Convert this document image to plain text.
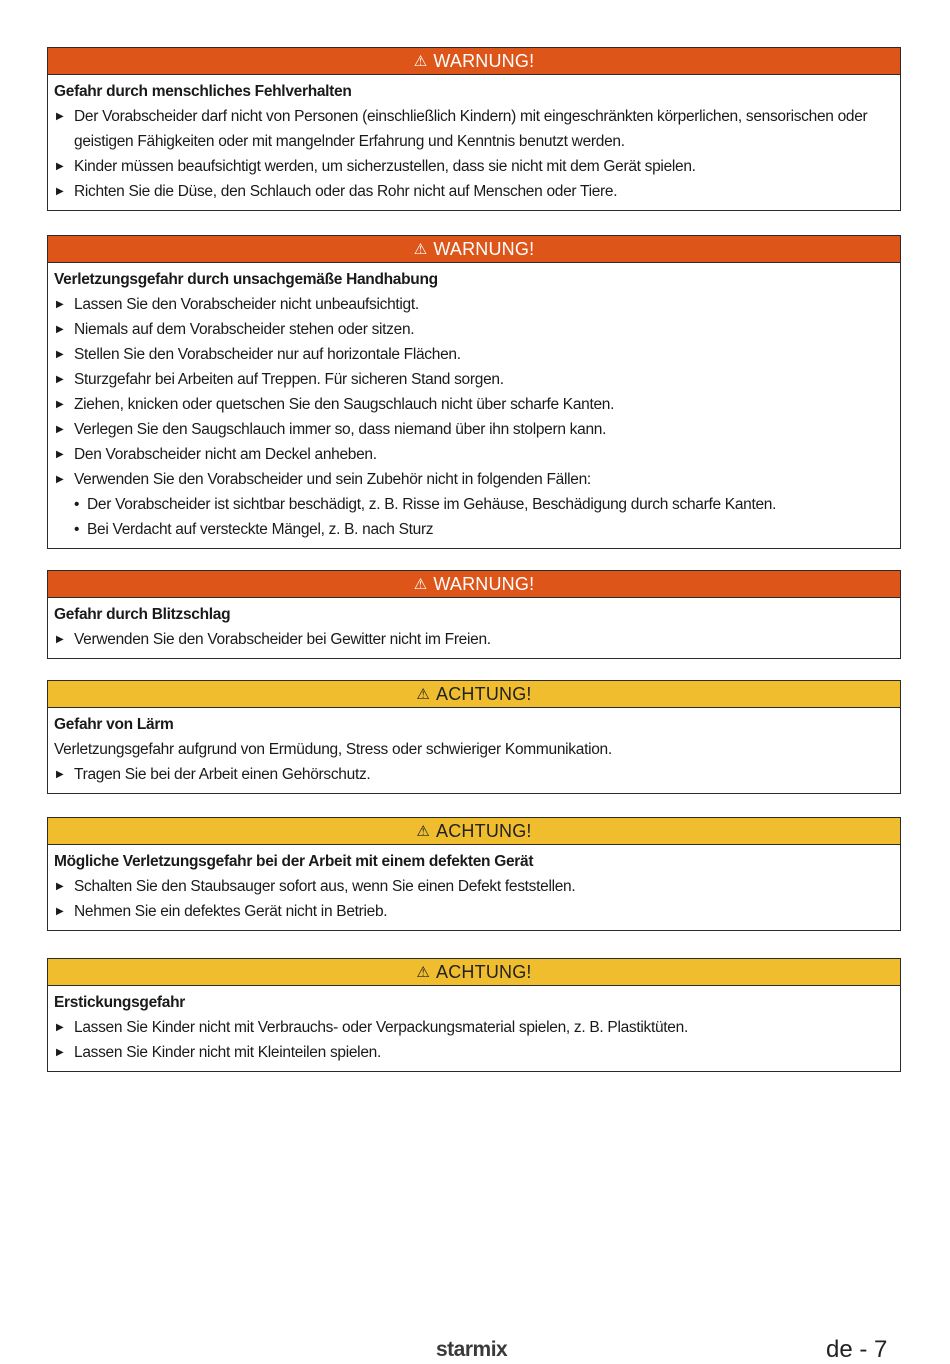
⚠ WARNUNG!
Gefahr durch menschliches Fehlverhalten
▶ Der Vorabscheider darf nicht von Personen (einschließlich Kindern) mit eingeschränkten körperlichen, sensorischen oder geistigen Fähigkeiten oder mit mangelnder Erfahrung und Kenntnis benutzt werden.
▶ Kinder müssen beaufsichtigt werden, um sicherzustellen, dass sie nicht mit dem Gerät spielen.
▶ Richten Sie die Düse, den Schlauch oder das Rohr nicht auf Menschen oder Tiere.
⚠ WARNUNG!
Verletzungsgefahr durch unsachgemäße Handhabung
▶ Lassen Sie den Vorabscheider nicht unbeaufsichtigt.
▶ Niemals auf dem Vorabscheider stehen oder sitzen.
▶ Stellen Sie den Vorabscheider nur auf horizontale Flächen.
▶ Sturzgefahr bei Arbeiten auf Treppen. Für sicheren Stand sorgen.
▶ Ziehen, knicken oder quetschen Sie den Saugschlauch nicht über scharfe Kanten.
▶ Verlegen Sie den Saugschlauch immer so, dass niemand über ihn stolpern kann.
▶ Den Vorabscheider nicht am Deckel anheben.
▶ Verwenden Sie den Vorabscheider und sein Zubehör nicht in folgenden Fällen:
• Der Vorabscheider ist sichtbar beschädigt, z. B. Risse im Gehäuse, Beschädigung durch scharfe Kanten.
• Bei Verdacht auf versteckte Mängel, z. B. nach Sturz
⚠ WARNUNG!
Gefahr durch Blitzschlag
▶ Verwenden Sie den Vorabscheider bei Gewitter nicht im Freien.
⚠ ACHTUNG!
Gefahr von Lärm
Verletzungsgefahr aufgrund von Ermüdung, Stress oder schwieriger Kommunikation.
▶ Tragen Sie bei der Arbeit einen Gehörschutz.
⚠ ACHTUNG!
Mögliche Verletzungsgefahr bei der Arbeit mit einem defekten Gerät
▶ Schalten Sie den Staubsauger sofort aus, wenn Sie einen Defekt feststellen.
▶ Nehmen Sie ein defektes Gerät nicht in Betrieb.
⚠ ACHTUNG!
Erstickungsgefahr
▶ Lassen Sie Kinder nicht mit Verbrauchs- oder Verpackungsmaterial spielen, z. B. Plastiktüten.
▶ Lassen Sie Kinder nicht mit Kleinteilen spielen.
starmix	de - 7
